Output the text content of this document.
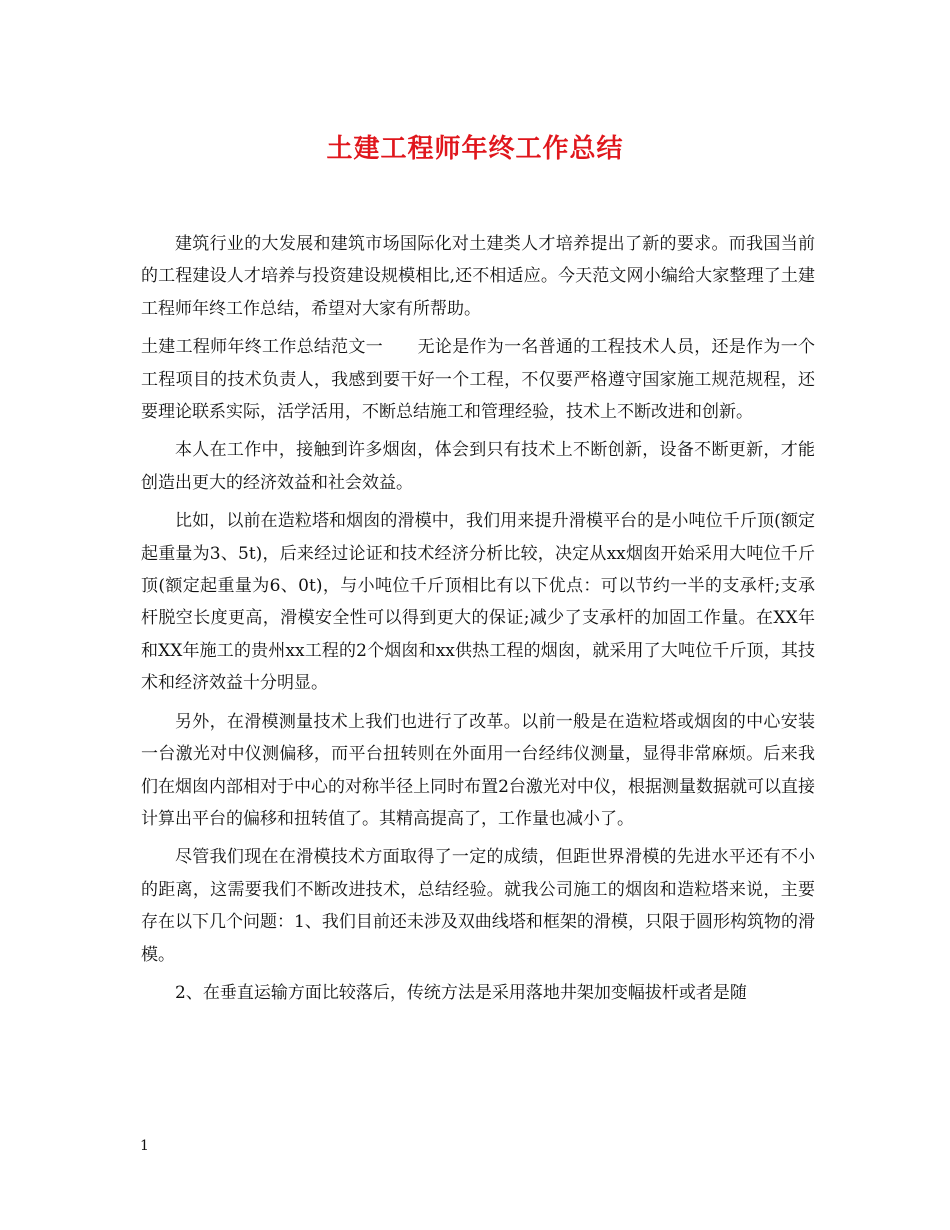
土建工程师年终工作总结

建筑行业的大发展和建筑市场国际化对土建类人才培养提出了新的要求。而我国当前的工程建设人才培养与投资建设规模相比,还不相适应。今天范文网小编给大家整理了土建工程师年终工作总结，希望对大家有所帮助。

土建工程师年终工作总结范文一　　无论是作为一名普通的工程技术人员，还是作为一个工程项目的技术负责人，我感到要干好一个工程，不仅要严格遵守国家施工规范规程，还要理论联系实际，活学活用，不断总结施工和管理经验，技术上不断改进和创新。

本人在工作中，接触到许多烟囱，体会到只有技术上不断创新，设备不断更新，才能创造出更大的经济效益和社会效益。

比如，以前在造粒塔和烟囱的滑模中，我们用来提升滑模平台的是小吨位千斤顶(额定起重量为3、5t)，后来经过论证和技术经济分析比较，决定从xx烟囱开始采用大吨位千斤顶(额定起重量为6、0t)，与小吨位千斤顶相比有以下优点：可以节约一半的支承杆;支承杆脱空长度更高，滑模安全性可以得到更大的保证;减少了支承杆的加固工作量。在XX年和XX年施工的贵州xx工程的2个烟囱和xx供热工程的烟囱，就采用了大吨位千斤顶，其技术和经济效益十分明显。

另外，在滑模测量技术上我们也进行了改革。以前一般是在造粒塔或烟囱的中心安装一台激光对中仪测偏移，而平台扭转则在外面用一台经纬仪测量，显得非常麻烦。后来我们在烟囱内部相对于中心的对称半径上同时布置2台激光对中仪，根据测量数据就可以直接计算出平台的偏移和扭转值了。其精高提高了，工作量也减小了。

尽管我们现在在滑模技术方面取得了一定的成绩，但距世界滑模的先进水平还有不小的距离，这需要我们不断改进技术，总结经验。就我公司施工的烟囱和造粒塔来说，主要存在以下几个问题：1、我们目前还未涉及双曲线塔和框架的滑模，只限于圆形构筑物的滑模。

2、在垂直运输方面比较落后，传统方法是采用落地井架加变幅拔杆或者是随

1
